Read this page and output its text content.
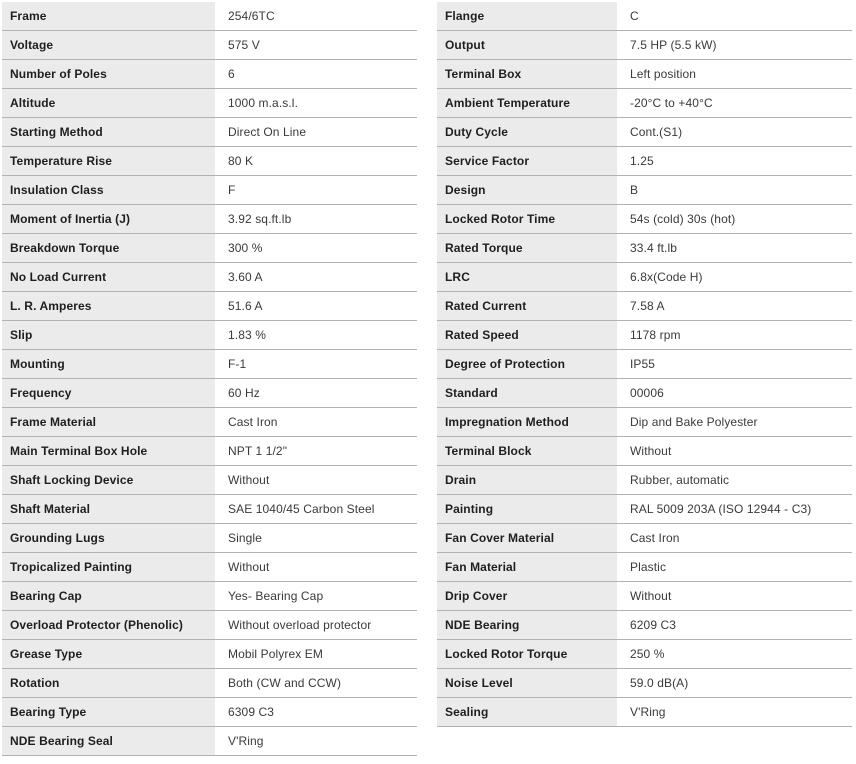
Frame	254/6TC
Voltage	575 V
Number of Poles	6
Altitude	1000 m.a.s.l.
Starting Method	Direct On Line
Temperature Rise	80 K
Insulation Class	F
Moment of Inertia (J)	3.92 sq.ft.lb
Breakdown Torque	300 %
No Load Current	3.60 A
L. R. Amperes	51.6 A
Slip	1.83 %
Mounting	F-1
Frequency	60 Hz
Frame Material	Cast Iron
Main Terminal Box Hole	NPT 1 1/2"
Shaft Locking Device	Without
Shaft Material	SAE 1040/45 Carbon Steel
Grounding Lugs	Single
Tropicalized Painting	Without
Bearing Cap	Yes- Bearing Cap
Overload Protector (Phenolic)	Without overload protector
Grease Type	Mobil Polyrex EM
Rotation	Both (CW and CCW)
Bearing Type	6309 C3
NDE Bearing Seal	V'Ring
Flange	C
Output	7.5 HP (5.5 kW)
Terminal Box	Left position
Ambient Temperature	-20°C to +40°C
Duty Cycle	Cont.(S1)
Service Factor	1.25
Design	B
Locked Rotor Time	54s (cold) 30s (hot)
Rated Torque	33.4 ft.lb
LRC	6.8x(Code H)
Rated Current	7.58 A
Rated Speed	1178 rpm
Degree of Protection	IP55
Standard	00006
Impregnation Method	Dip and Bake Polyester
Terminal Block	Without
Drain	Rubber, automatic
Painting	RAL 5009 203A (ISO 12944 - C3)
Fan Cover Material	Cast Iron
Fan Material	Plastic
Drip Cover	Without
NDE Bearing	6209 C3
Locked Rotor Torque	250 %
Noise Level	59.0 dB(A)
Sealing	V'Ring
